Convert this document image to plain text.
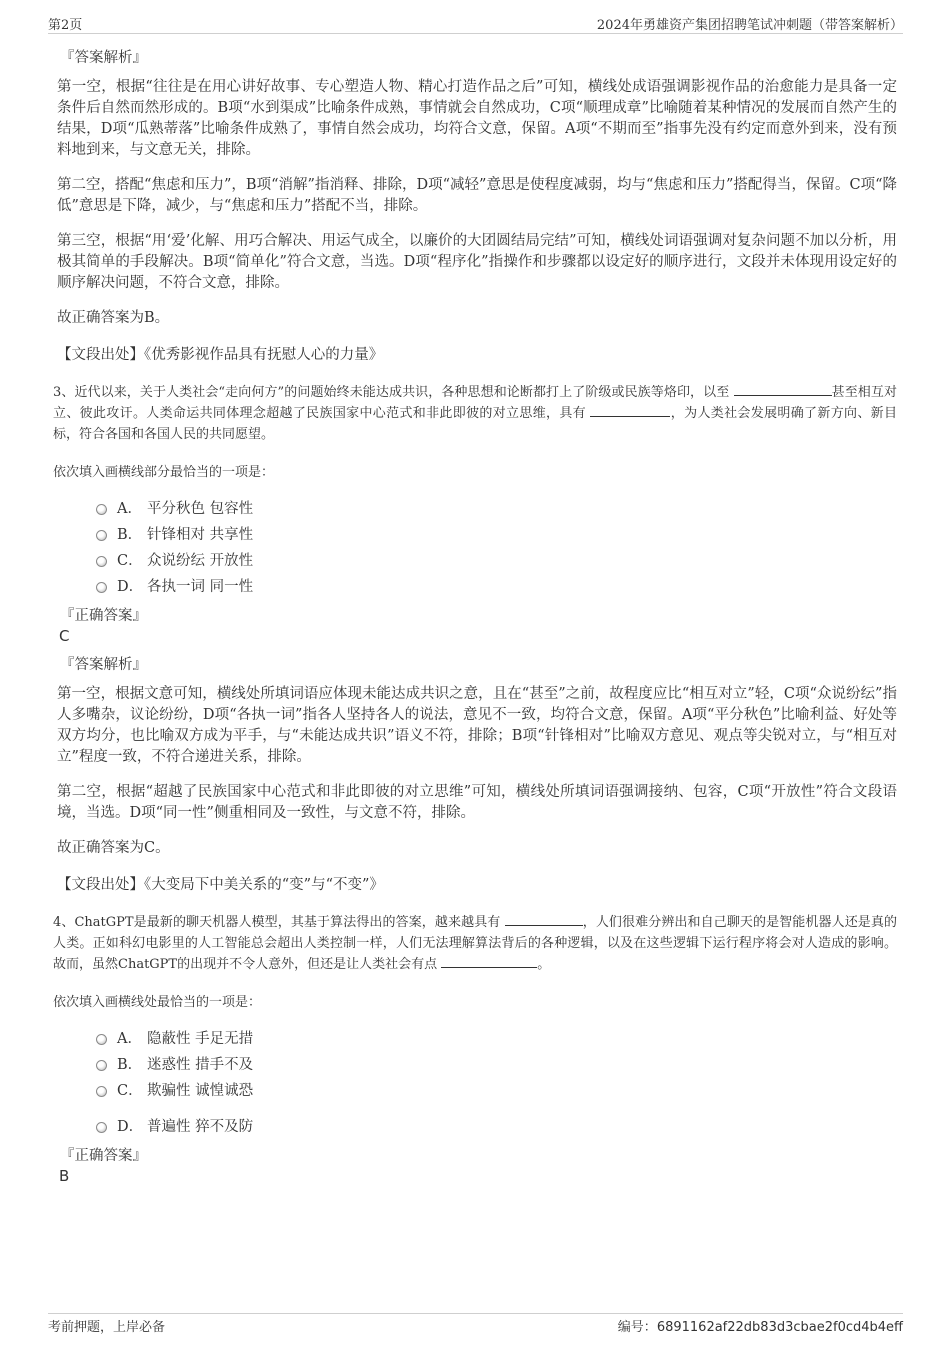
第2页	2024年勇雄资产集团招聘笔试冲刺题（带答案解析）
『答案解析』

第一空，根据“往往是在用心讲好故事、专心塑造人物、精心打造作品之后”可知，横线处成语强调影视作品的治愈能力是具备一定条件后自然而然形成的。B项“水到渠成”比喻条件成熟，事情就会自然成功，C项“顺理成章”比喻随着某种情况的发展而自然产生的结果，D项“瓜熟蒂落”比喻条件成熟了，事情自然会成功，均符合文意，保留。A项“不期而至”指事先没有约定而意外到来，没有预料地到来，与文意无关，排除。

第二空，搭配“焦虑和压力”，B项“消解”指消释、排除，D项“减轻”意思是使程度减弱，均与“焦虑和压力”搭配得当，保留。C项“降低”意思是下降，减少，与“焦虑和压力”搭配不当，排除。

第三空，根据“用‘爱’化解、用巧合解决、用运气成全，以廉价的大团圆结局完结”可知，横线处词语强调对复杂问题不加以分析，用极其简单的手段解决。B项“简单化”符合文意，当选。D项“程序化”指操作和步骤都以设定好的顺序进行，文段并未体现用设定好的顺序解决问题，不符合文意，排除。

故正确答案为B。

【文段出处】《优秀影视作品具有抚慰人心的力量》
3、近代以来，关于人类社会“走向何方”的问题始终未能达成共识，各种思想和论断都打上了阶级或民族等烙印，以至	甚至相互对立、彼此攻讦。人类命运共同体理念超越了民族国家中心范式和非此即彼的对立思维，具有	，为人类社会发展明确了新方向、新目标，符合各国和各国人民的共同愿望。
依次填入画横线部分最恰当的一项是：
A． 平分秋色 包容性
B． 针锋相对 共享性
C． 众说纷纭 开放性
D． 各执一词 同一性
『正确答案』
C
『答案解析』

第一空，根据文意可知，横线处所填词语应体现未能达成共识之意，且在“甚至”之前，故程度应比“相互对立”轻，C项“众说纷纭”指人多嘴杂，议论纷纷，D项“各执一词”指各人坚持各人的说法，意见不一致，均符合文意，保留。A项“平分秋色”比喻利益、好处等双方均分，也比喻双方成为平手，与“未能达成共识”语义不符，排除；B项“针锋相对”比喻双方意见、观点等尖锐对立，与“相互对立”程度一致，不符合递进关系，排除。

第二空，根据“超越了民族国家中心范式和非此即彼的对立思维”可知，横线处所填词语强调接纳、包容，C项“开放性”符合文段语境，当选。D项“同一性”侧重相同及一致性，与文意不符，排除。

故正确答案为C。

【文段出处】《大变局下中美关系的“变”与“不变”》
4、ChatGPT是最新的聊天机器人模型，其基于算法得出的答案，越来越具有	，人们很难分辨出和自己聊天的是智能机器人还是真的人类。正如科幻电影里的人工智能总会超出人类控制一样，人们无法理解算法背后的各种逻辑，以及在这些逻辑下运行程序将会对人造成的影响。故而，虽然ChatGPT的出现并不令人意外，但还是让人类社会有点	。
依次填入画横线处最恰当的一项是：
A． 隐蔽性 手足无措
B． 迷惑性 措手不及
C． 欺骗性 诚惶诚恐
D． 普遍性 猝不及防
『正确答案』
B
考前押题，上岸必备	编号：6891162af22db83d3cbae2f0cd4b4eff
